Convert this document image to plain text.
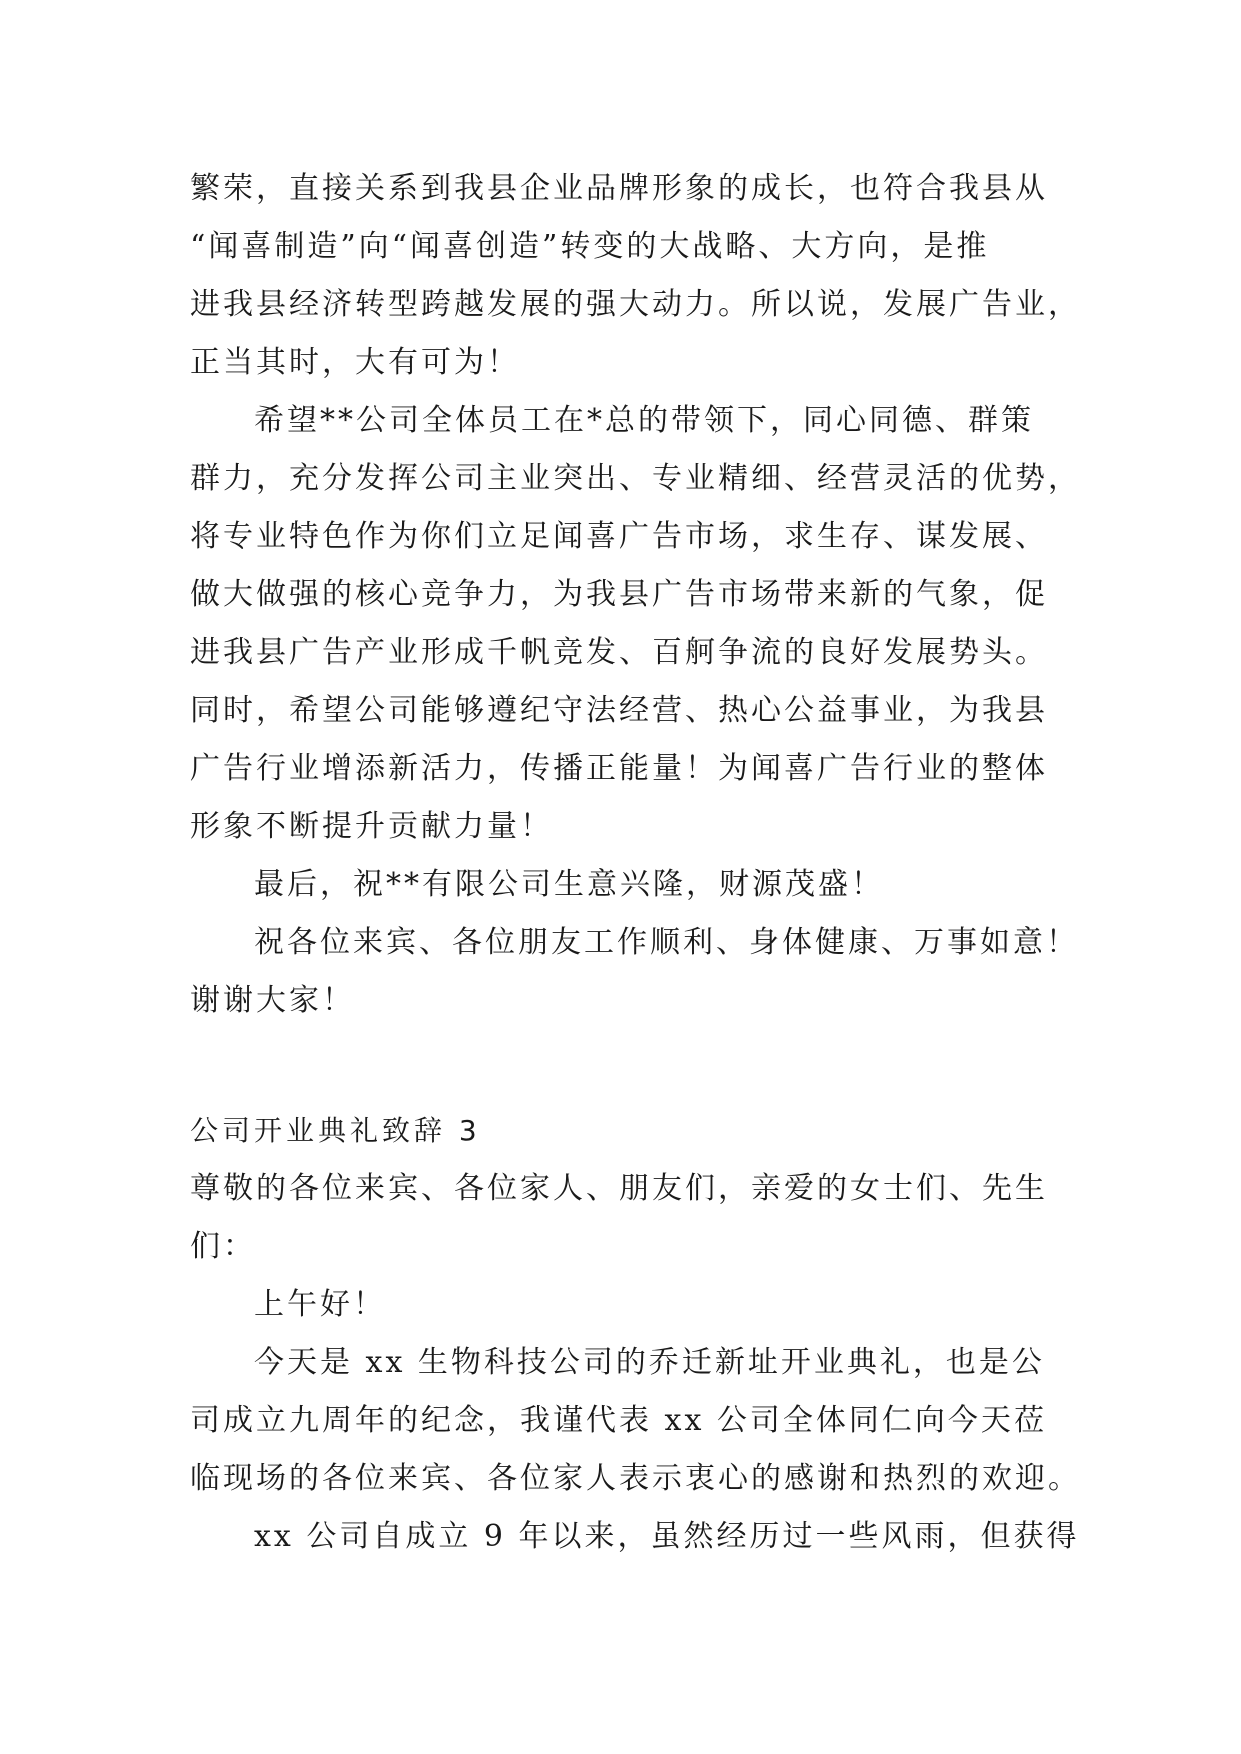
繁荣，直接关系到我县企业品牌形象的成长，也符合我县从
“闻喜制造”向“闻喜创造”转变的大战略、大方向，是推
进我县经济转型跨越发展的强大动力。所以说，发展广告业，
正当其时，大有可为！
希望**公司全体员工在*总的带领下，同心同德、群策
群力，充分发挥公司主业突出、专业精细、经营灵活的优势，
将专业特色作为你们立足闻喜广告市场，求生存、谋发展、
做大做强的核心竞争力，为我县广告市场带来新的气象，促
进我县广告产业形成千帆竞发、百舸争流的良好发展势头。
同时，希望公司能够遵纪守法经营、热心公益事业，为我县
广告行业增添新活力，传播正能量！为闻喜广告行业的整体
形象不断提升贡献力量！
最后，祝**有限公司生意兴隆，财源茂盛！
祝各位来宾、各位朋友工作顺利、身体健康、万事如意！
谢谢大家！
公司开业典礼致辞 3
尊敬的各位来宾、各位家人、朋友们，亲爱的女士们、先生
们：
上午好！
今天是 xx 生物科技公司的乔迁新址开业典礼，也是公
司成立九周年的纪念，我谨代表 xx 公司全体同仁向今天莅
临现场的各位来宾、各位家人表示衷心的感谢和热烈的欢迎。
xx 公司自成立 9 年以来，虽然经历过一些风雨，但获得
